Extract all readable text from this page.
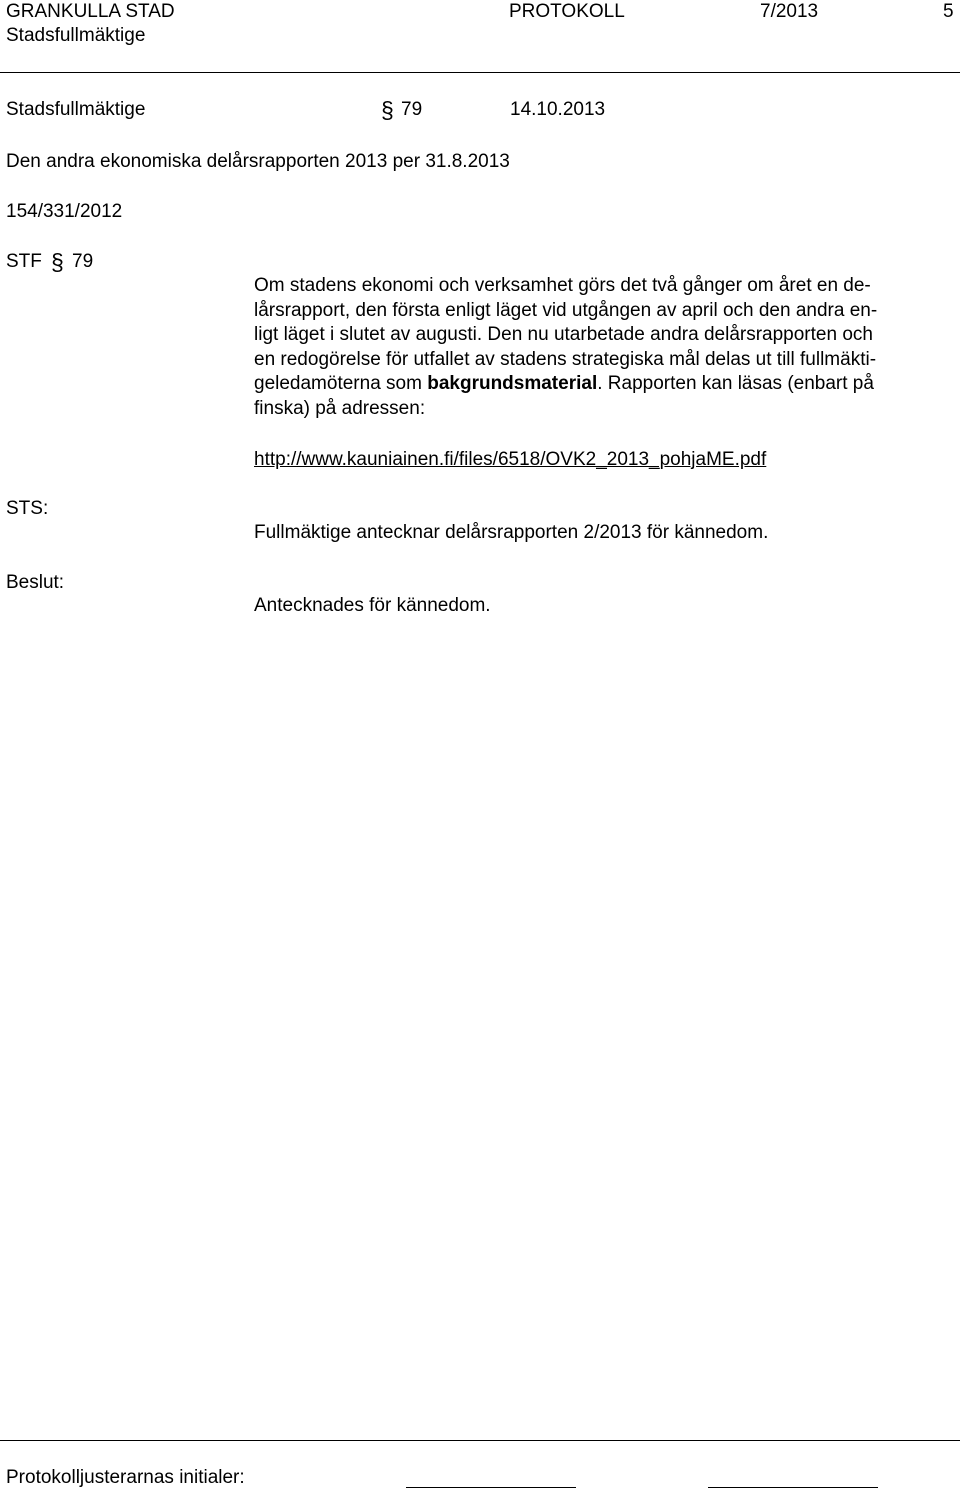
GRANKULLA STAD
Stadsfullmäktige
PROTOKOLL	7/2013	5
Stadsfullmäktige	§ 79	14.10.2013
Den andra ekonomiska delårsrapporten 2013 per 31.8.2013
154/331/2012
STF § 79
Om stadens ekonomi och verksamhet görs det två gånger om året en de-
lårsrapport, den första enligt läget vid utgången av april och den andra en-
ligt läget i slutet av augusti. Den nu utarbetade andra delårsrapporten och
en redogörelse för utfallet av stadens strategiska mål delas ut till fullmäkti-
geledamöterna som bakgrundsmaterial. Rapporten kan läsas (enbart på
finska) på adressen:
http://www.kauniainen.fi/files/6518/OVK2_2013_pohjaME.pdf
STS:
Fullmäktige antecknar delårsrapporten 2/2013 för kännedom.
Beslut:
Antecknades för kännedom.
Protokolljusterarnas initialer:
